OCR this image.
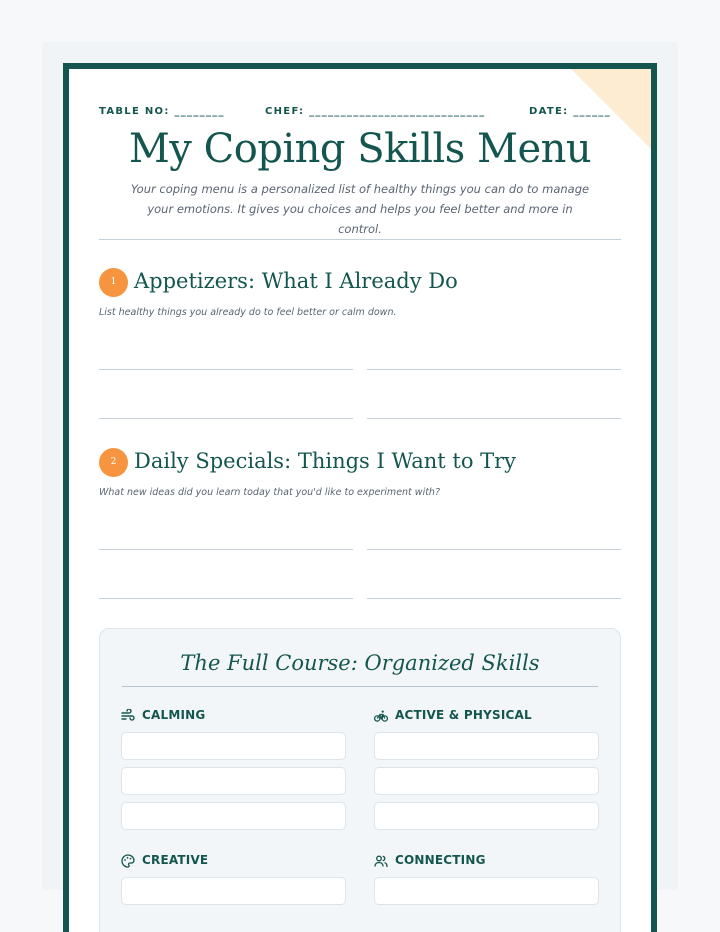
TABLE NO: ________	CHEF: ____________________________	DATE: ______
My Coping Skills Menu
Your coping menu is a personalized list of healthy things you can do to manage your emotions. It gives you choices and helps you feel better and more in control.
1 Appetizers: What I Already Do
List healthy things you already do to feel better or calm down.
2 Daily Specials: Things I Want to Try
What new ideas did you learn today that you'd like to experiment with?
The Full Course: Organized Skills
CALMING	ACTIVE & PHYSICAL
CREATIVE	CONNECTING
